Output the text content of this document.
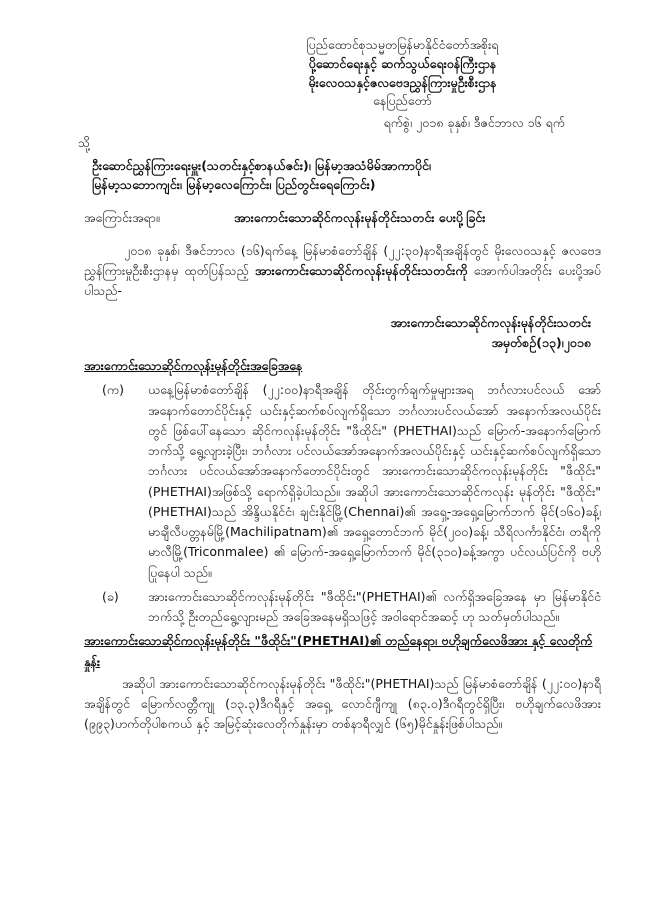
ပြည်ထောင်စုသမ္မတမြန်မာနိုင်ငံတော်အစိုးရ
ပို့ဆောင်ရေးနှင့် ဆက်သွယ်ရေးဝန်ကြီးဌာန
မိုးလေဝသနှင့်ဇလဗေဒညွှန်ကြားမှုဦးစီးဌာန
နေပြည်တော်
ရက်စွဲ၊ ၂၀၁၈ ခုနှစ်၊ ဒီဇင်ဘာလ ၁၆ ရက်
သို့
ဦးဆောင်ညွှန်ကြားရေးမှူး(သတင်းနှင့်စာနယ်ဇင်း)၊ မြန်မာ့အသံမိမ်အာကာပိုင်၊
မြန်မာ့သဘောကျင်း၊ မြန်မာ့လေကြောင်း၊ ပြည်တွင်းရေကြောင်း)
အကြောင်းအရာ။	အားကောင်းသောဆိုင်ကလုန်းမုန်တိုင်းသတင်း ပေးပို့ခြင်း
၂၀၁၈ ခုနှစ်၊ ဒီဇင်ဘာလ (၁၆)ရက်နေ့ မြန်မာစံတော်ချိန် (၂၂:၃၀)နာရီအချိန်တွင် မိုးလေဝသနှင့် ဇလဗေဒညွှန်ကြားမှုဦးစီးဌာနမှ ထုတ်ပြန်သည့် အားကောင်းသောဆိုင်ကလုန်းမုန်တိုင်းသတင်းကို အောက်ပါအတိုင်း ပေးပို့အပ်ပါသည်-
အားကောင်းသောဆိုင်ကလုန်းမုန်တိုင်းသတင်း
အမှတ်စဉ်(၁၃)၊၂၀၁၈
အားကောင်းသောဆိုင်ကလုန်းမုန်တိုင်းအခြေအနေ
(က)	ယနေ့မြန်မာစံတော်ချိန် (၂၂:၀၀)နာရီအချိန် တိုင်းတွက်ချက်မှုများအရ ဘင်္ဂလားပင်လယ် အော်အနောက်တောင်ပိုင်းနှင့် ယင်းနှင့်ဆက်စပ်လျက်ရှိသော ဘင်္ဂလားပင်လယ်အော် အနောက်အလယ်ပိုင်းတွင် ဖြစ်ပေါ်နေသော ဆိုင်ကလုန်းမုန်တိုင်း "ဖီထိုင်း" (PHETHAI)သည် မြောက်-အနောက်မြောက်ဘက်သို့ ရွေ့လျားခဲ့ပြီး၊ ဘင်္ဂလား ပင်လယ်အော်အနောက်အလယ်ပိုင်းနှင့် ယင်းနှင့်ဆက်စပ်လျက်ရှိသော ဘင်္ဂလား ပင်လယ်အော်အနောက်တောင်ပိုင်းတွင် အားကောင်းသောဆိုင်ကလုန်းမုန်တိုင်း "ဖီထိုင်း" (PHETHAI)အဖြစ်သို့ ရောက်ရှိခဲ့ပါသည်။ အဆိုပါ အားကောင်းသောဆိုင်ကလုန်း မုန်တိုင်း "ဖီထိုင်း"(PHETHAI)သည် အိန္ဒိယနိုင်ငံ၊ ချင်းနိုင်မြို့(Chennai)၏ အရှေ့-အရှေ့မြောက်ဘက် မိုင်(၁၆၀)ခန့်၊ မာချီလီပတ္တနမ်မြို့(Machilipatnam)၏ အရှေ့တောင်ဘက် မိုင်(၂၀၀)ခန့်၊ သီရိလင်္ကာနိုင်ငံ၊ တရီကိုမာလီမြို့(Triconmalee) ၏ မြောက်-အရှေ့မြောက်ဘက် မိုင်(၃၁၀)ခန့်အကွာ ပင်လယ်ပြင်ကို ဗဟိုပြုနေပါ သည်။
(ခ)	အားကောင်းသောဆိုင်ကလုန်းမုန်တိုင်း "ဖီထိုင်း"(PHETHAI)၏ လက်ရှိအခြေအနေ မှာ မြန်မာနိုင်ငံဘက်သို့ ဦးတည်ရွေ့လျားမည် အခြေအနေမရှိသဖြင့် အဝါရောင်အဆင့် ဟု သတ်မှတ်ပါသည်။
အားကောင်းသောဆိုင်ကလုန်းမုန်တိုင်း "ဖီထိုင်း"(PHETHAI)၏ တည်နေရာ၊ ဗဟိုချက်လေဖိအား နှင့် လေတိုက်နှုန်း
အဆိုပါ အားကောင်းသောဆိုင်ကလုန်းမုန်တိုင်း "ဖီထိုင်း"(PHETHAI)သည် မြန်မာစံတော်ချိန် (၂၂:၀၀)နာရီအချိန်တွင် မြောက်လတ္တီကျု (၁၃.၃)ဒီဂရီနှင့် အရှေ့ လောင်ဂျီကျု (၈၃.၀)ဒီဂရီတွင်ရှိပြီး၊ ဗဟိုချက်လေဖိအား (၉၉၃)ဟက်တိုပါစကယ် နှင့် အမြင့်ဆုံးလေတိုက်နှုန်းမှာ တစ်နာရီလျှင် (၆၅)မိုင်နှုန်းဖြစ်ပါသည်။
